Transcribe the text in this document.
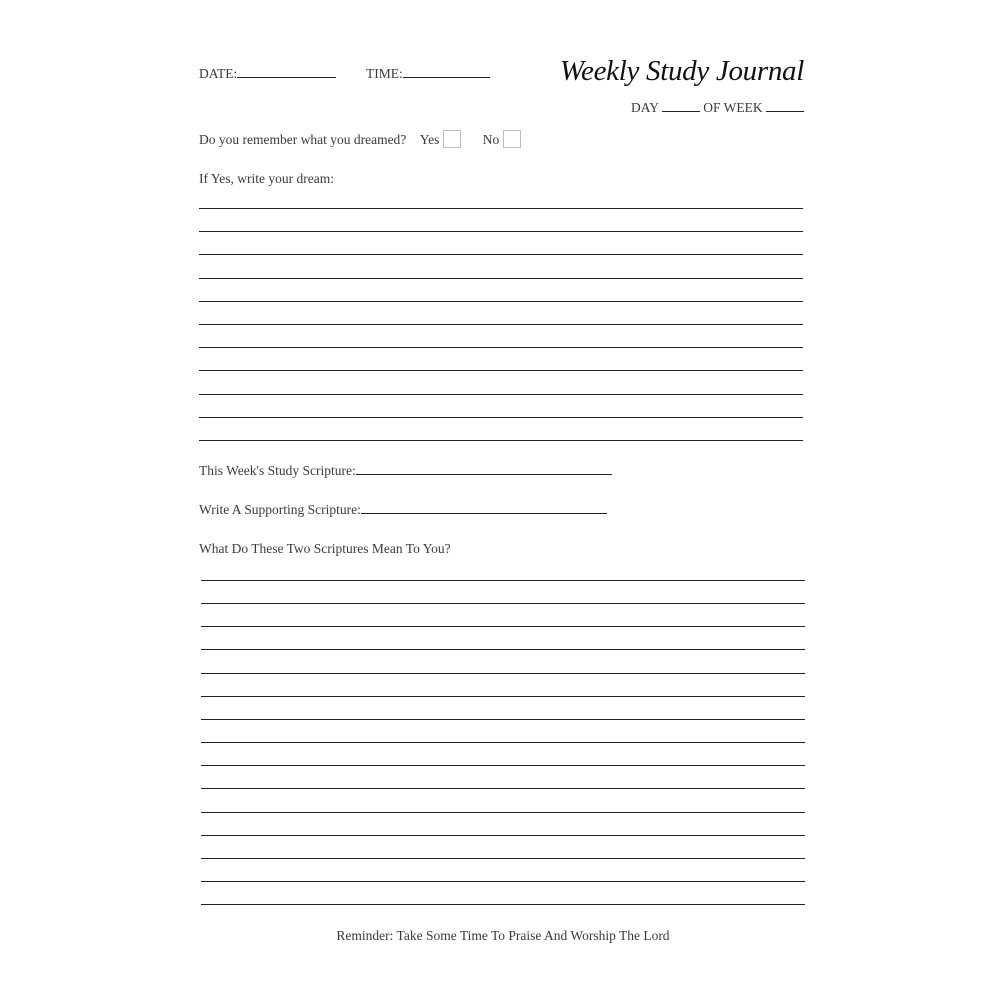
DATE:	TIME:	Weekly Study Journal
DAY	OF WEEK
Do you remember what you dreamed? Yes	No
If Yes, write your dream:
This Week's Study Scripture:
Write A Supporting Scripture:
What Do These Two Scriptures Mean To You?
Reminder: Take Some Time To Praise And Worship The Lord
